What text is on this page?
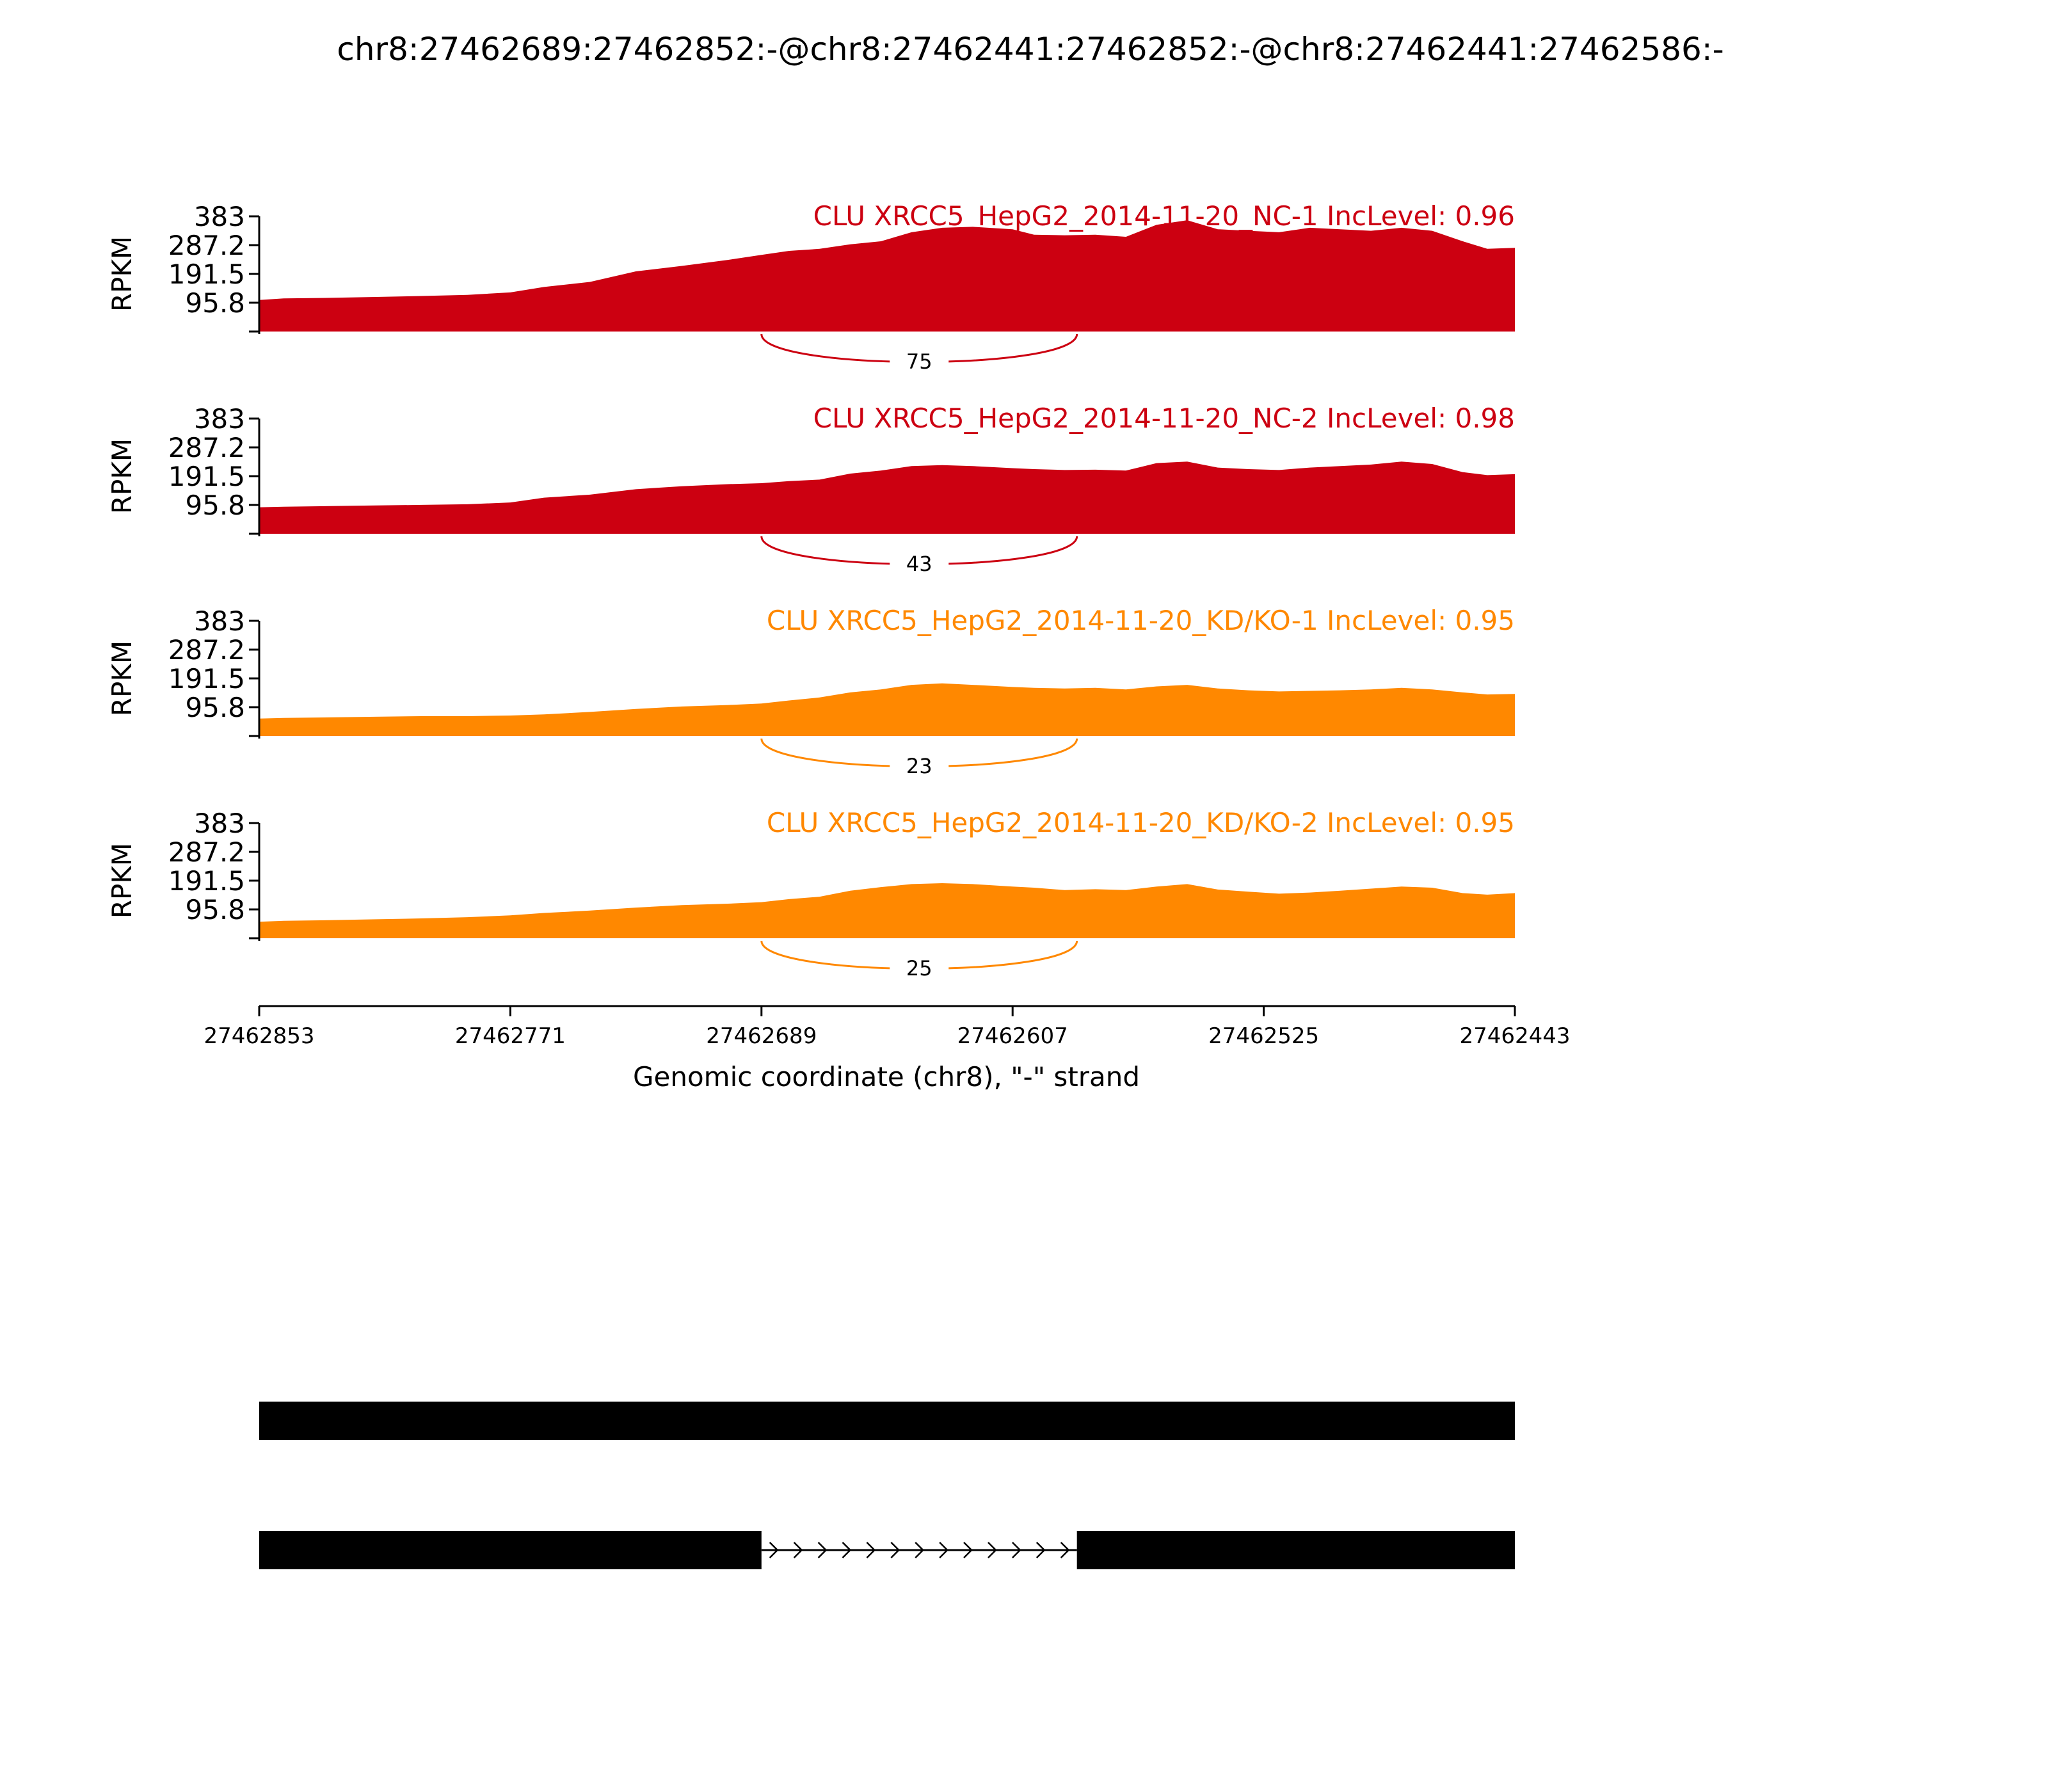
chr8:27462689:27462852:-@chr8:27462441:27462852:-@chr8:27462441:27462586:-
383
287.2
191.5
95.8
RPKM
CLU XRCC5_HepG2_2014-11-20_NC-1 IncLevel: 0.96
75
383
287.2
191.5
95.8
RPKM
CLU XRCC5_HepG2_2014-11-20_NC-2 IncLevel: 0.98
43
383
287.2
191.5
95.8
RPKM
CLU XRCC5_HepG2_2014-11-20_KD/KO-1 IncLevel: 0.95
23
383
287.2
191.5
95.8
RPKM
CLU XRCC5_HepG2_2014-11-20_KD/KO-2 IncLevel: 0.95
25
27462853	27462771	27462689	27462607	27462525	27462443
Genomic coordinate (chr8), "-" strand
